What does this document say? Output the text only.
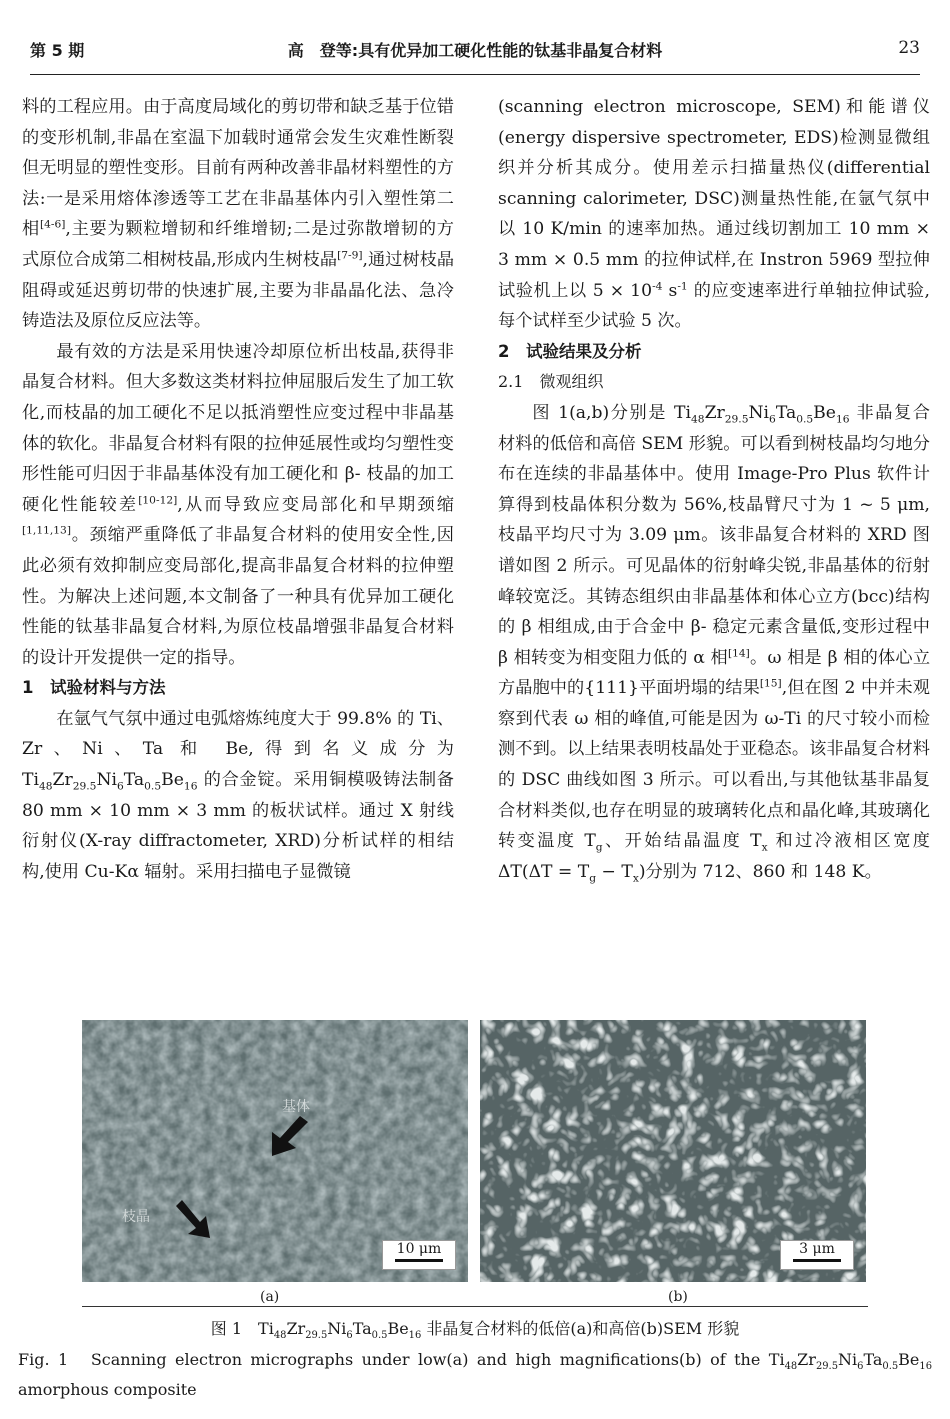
第 5 期	高　登等:具有优异加工硬化性能的钛基非晶复合材料	23

料的工程应用。由于高度局域化的剪切带和缺乏基于位错的变形机制,非晶在室温下加载时通常会发生灾难性断裂但无明显的塑性变形。目前有两种改善非晶材料塑性的方法:一是采用熔体渗透等工艺在非晶基体内引入塑性第二相[4-6],主要为颗粒增韧和纤维增韧;二是过弥散增韧的方式原位合成第二相树枝晶,形成内生树枝晶[7-9],通过树枝晶阻碍或延迟剪切带的快速扩展,主要为非晶晶化法、急冷铸造法及原位反应法等。

最有效的方法是采用快速冷却原位析出枝晶,获得非晶复合材料。但大多数这类材料拉伸屈服后发生了加工软化,而枝晶的加工硬化不足以抵消塑性应变过程中非晶基体的软化。非晶复合材料有限的拉伸延展性或均匀塑性变形性能可归因于非晶基体没有加工硬化和 β- 枝晶的加工硬化性能较差[10-12],从而导致应变局部化和早期颈缩[1,11,13]。颈缩严重降低了非晶复合材料的使用安全性,因此必须有效抑制应变局部化,提高非晶复合材料的拉伸塑性。为解决上述问题,本文制备了一种具有优异加工硬化性能的钛基非晶复合材料,为原位枝晶增强非晶复合材料的设计开发提供一定的指导。

1　试验材料与方法

在氩气气氛中通过电弧熔炼纯度大于 99.8% 的 Ti、Zr、Ni、Ta 和 Be,得到名义成分为 $Ti_{48}Zr_{29.5}Ni_6Ta_{0.5}Be_{16}$ 的合金锭。采用铜模吸铸法制备 80 mm × 10 mm × 3 mm 的板状试样。通过 X 射线衍射仪(X-ray diffractometer, XRD)分析试样的相结构,使用 Cu-Kα 辐射。采用扫描电子显微镜

(scanning electron microscope, SEM)和能谱仪(energy dispersive spectrometer, EDS)检测显微组织并分析其成分。使用差示扫描量热仪(differential scanning calorimeter, DSC)测量热性能,在氩气氛中以 10 K/min 的速率加热。通过线切割加工 10 mm × 3 mm × 0.5 mm 的拉伸试样,在 Instron 5969 型拉伸试验机上以 $5 \times 10^{-4}$ $s^{-1}$ 的应变速率进行单轴拉伸试验,每个试样至少试验 5 次。

2　试验结果及分析

2.1　微观组织

图 1(a,b)分别是 $Ti_{48}Zr_{29.5}Ni_6Ta_{0.5}Be_{16}$ 非晶复合材料的低倍和高倍 SEM 形貌。可以看到树枝晶均匀地分布在连续的非晶基体中。使用 Image-Pro Plus 软件计算得到枝晶体积分数为 56%,枝晶臂尺寸为 1 ~ 5 μm,枝晶平均尺寸为 3.09 μm。该非晶复合材料的 XRD 图谱如图 2 所示。可见晶体的衍射峰尖锐,非晶基体的衍射峰较宽泛。其铸态组织由非晶基体和体心立方(bcc)结构的 β 相组成,由于合金中 β- 稳定元素含量低,变形过程中 β 相转变为相变阻力低的 α 相[14]。ω 相是 β 相的体心立方晶胞中的{111}平面坍塌的结果[15],但在图 2 中并未观察到代表 ω 相的峰值,可能是因为 ω-Ti 的尺寸较小而检测不到。以上结果表明枝晶处于亚稳态。该非晶复合材料的 DSC 曲线如图 3 所示。可以看出,与其他钛基非晶复合材料类似,也存在明显的玻璃转化点和晶化峰,其玻璃化转变温度 $T_g$、开始结晶温度 $T_x$ 和过冷液相区宽度 $\Delta T(\Delta T = T_g - T_x)$分别为 712、860 和 148 K。

基体
枝晶
10 μm	3 μm
(a)	(b)
图 1　$Ti_{48}Zr_{29.5}Ni_6Ta_{0.5}Be_{16}$ 非晶复合材料的低倍(a)和高倍(b)SEM 形貌
Fig. 1　Scanning electron micrographs under low(a) and high magnifications(b) of the $Ti_{48}Zr_{29.5}Ni_6Ta_{0.5}Be_{16}$ amorphous composite
